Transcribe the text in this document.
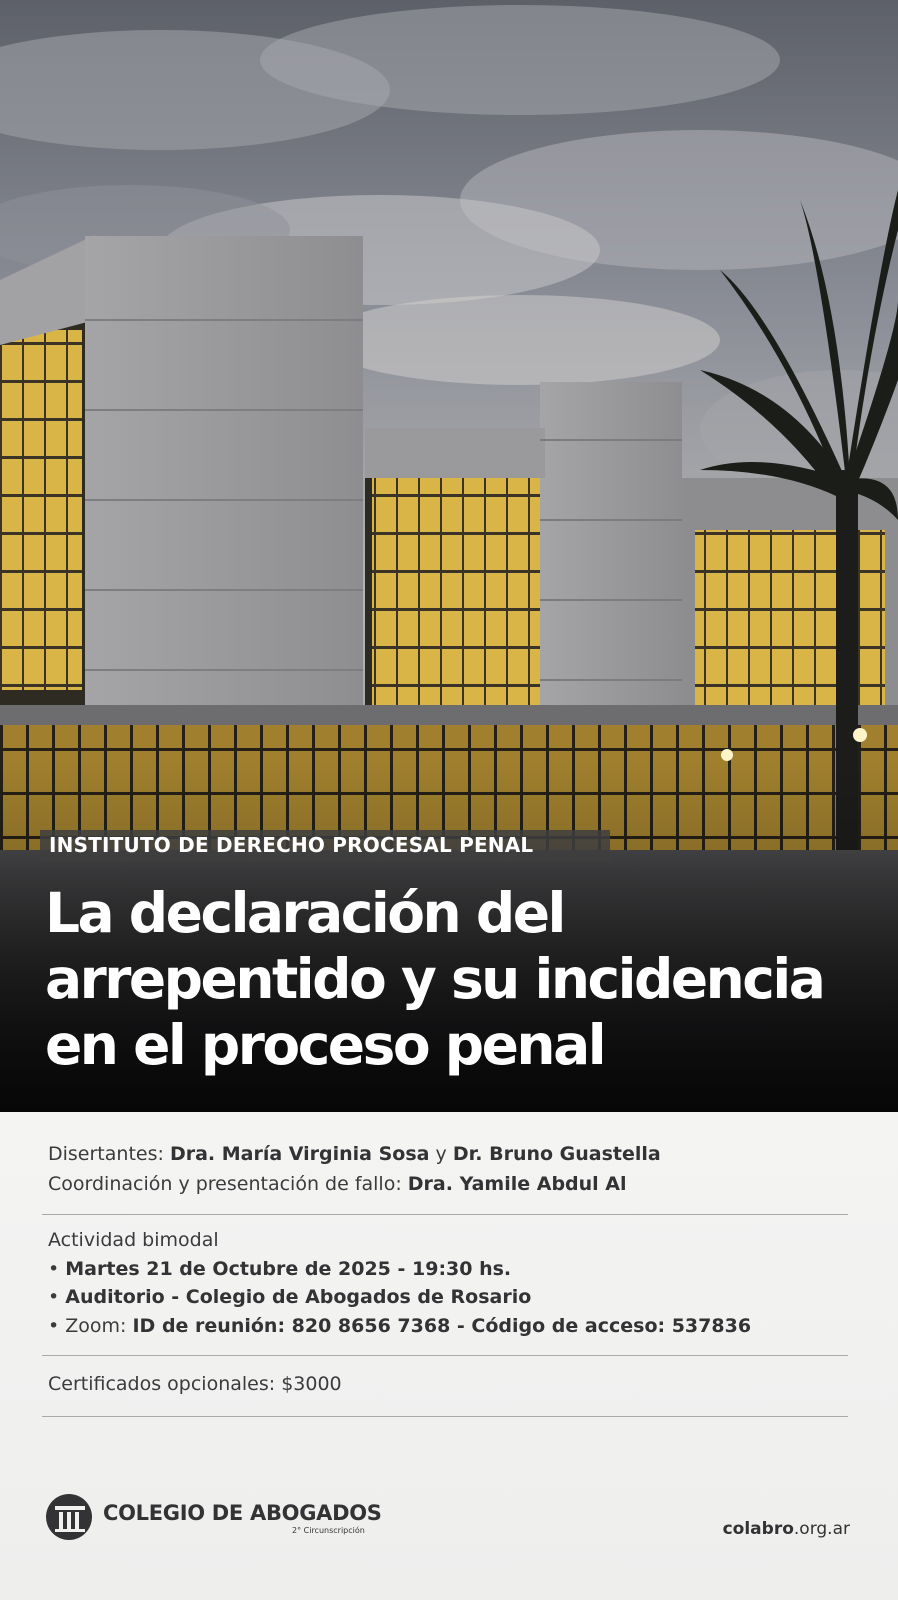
INSTITUTO DE DERECHO PROCESAL PENAL
La declaración del
arrepentido y su incidencia
en el proceso penal
Disertantes: Dra. María Virginia Sosa y Dr. Bruno Guastella
Coordinación y presentación de fallo: Dra. Yamile Abdul Al
Actividad bimodal
• Martes 21 de Octubre de 2025 - 19:30 hs.
• Auditorio - Colegio de Abogados de Rosario
• Zoom: ID de reunión: 820 8656 7368 - Código de acceso: 537836
Certificados opcionales: $3000
COLEGIO DE ABOGADOS
2° Circunscripción	colabro.org.ar
